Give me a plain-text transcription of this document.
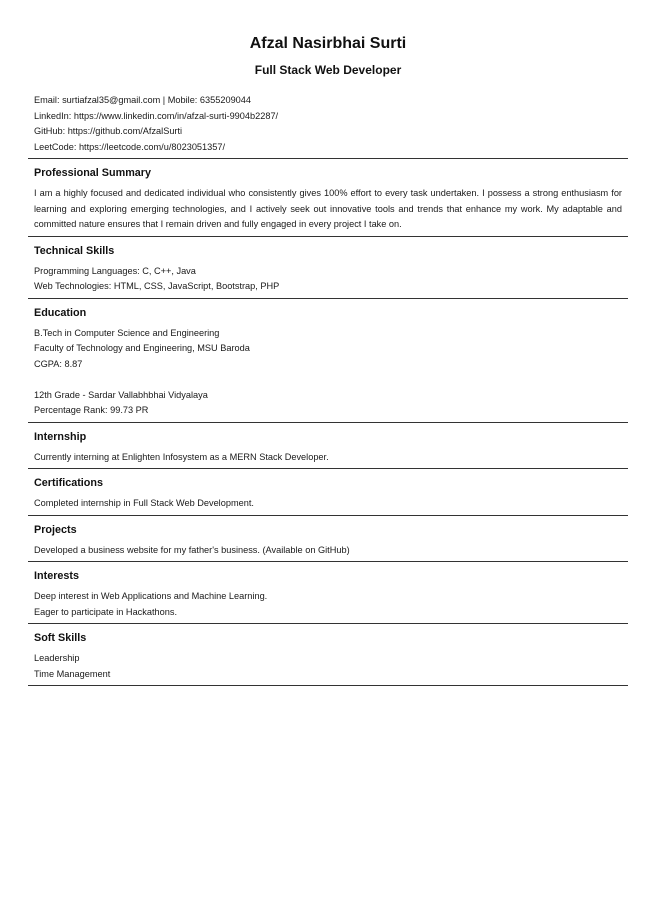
Afzal Nasirbhai Surti
Full Stack Web Developer
Email: surtiafzal35@gmail.com | Mobile: 6355209044
LinkedIn: https://www.linkedin.com/in/afzal-surti-9904b2287/
GitHub: https://github.com/AfzalSurti
LeetCode: https://leetcode.com/u/8023051357/
Professional Summary
I am a highly focused and dedicated individual who consistently gives 100% effort to every task undertaken. I possess a strong enthusiasm for learning and exploring emerging technologies, and I actively seek out innovative tools and trends that enhance my work. My adaptable and committed nature ensures that I remain driven and fully engaged in every project I take on.
Technical Skills
Programming Languages: C, C++, Java
Web Technologies: HTML, CSS, JavaScript, Bootstrap, PHP
Education
B.Tech in Computer Science and Engineering
Faculty of Technology and Engineering, MSU Baroda
CGPA: 8.87
12th Grade - Sardar Vallabhbhai Vidyalaya
Percentage Rank: 99.73 PR
Internship
Currently interning at Enlighten Infosystem as a MERN Stack Developer.
Certifications
Completed internship in Full Stack Web Development.
Projects
Developed a business website for my father's business. (Available on GitHub)
Interests
Deep interest in Web Applications and Machine Learning.
Eager to participate in Hackathons.
Soft Skills
Leadership
Time Management
